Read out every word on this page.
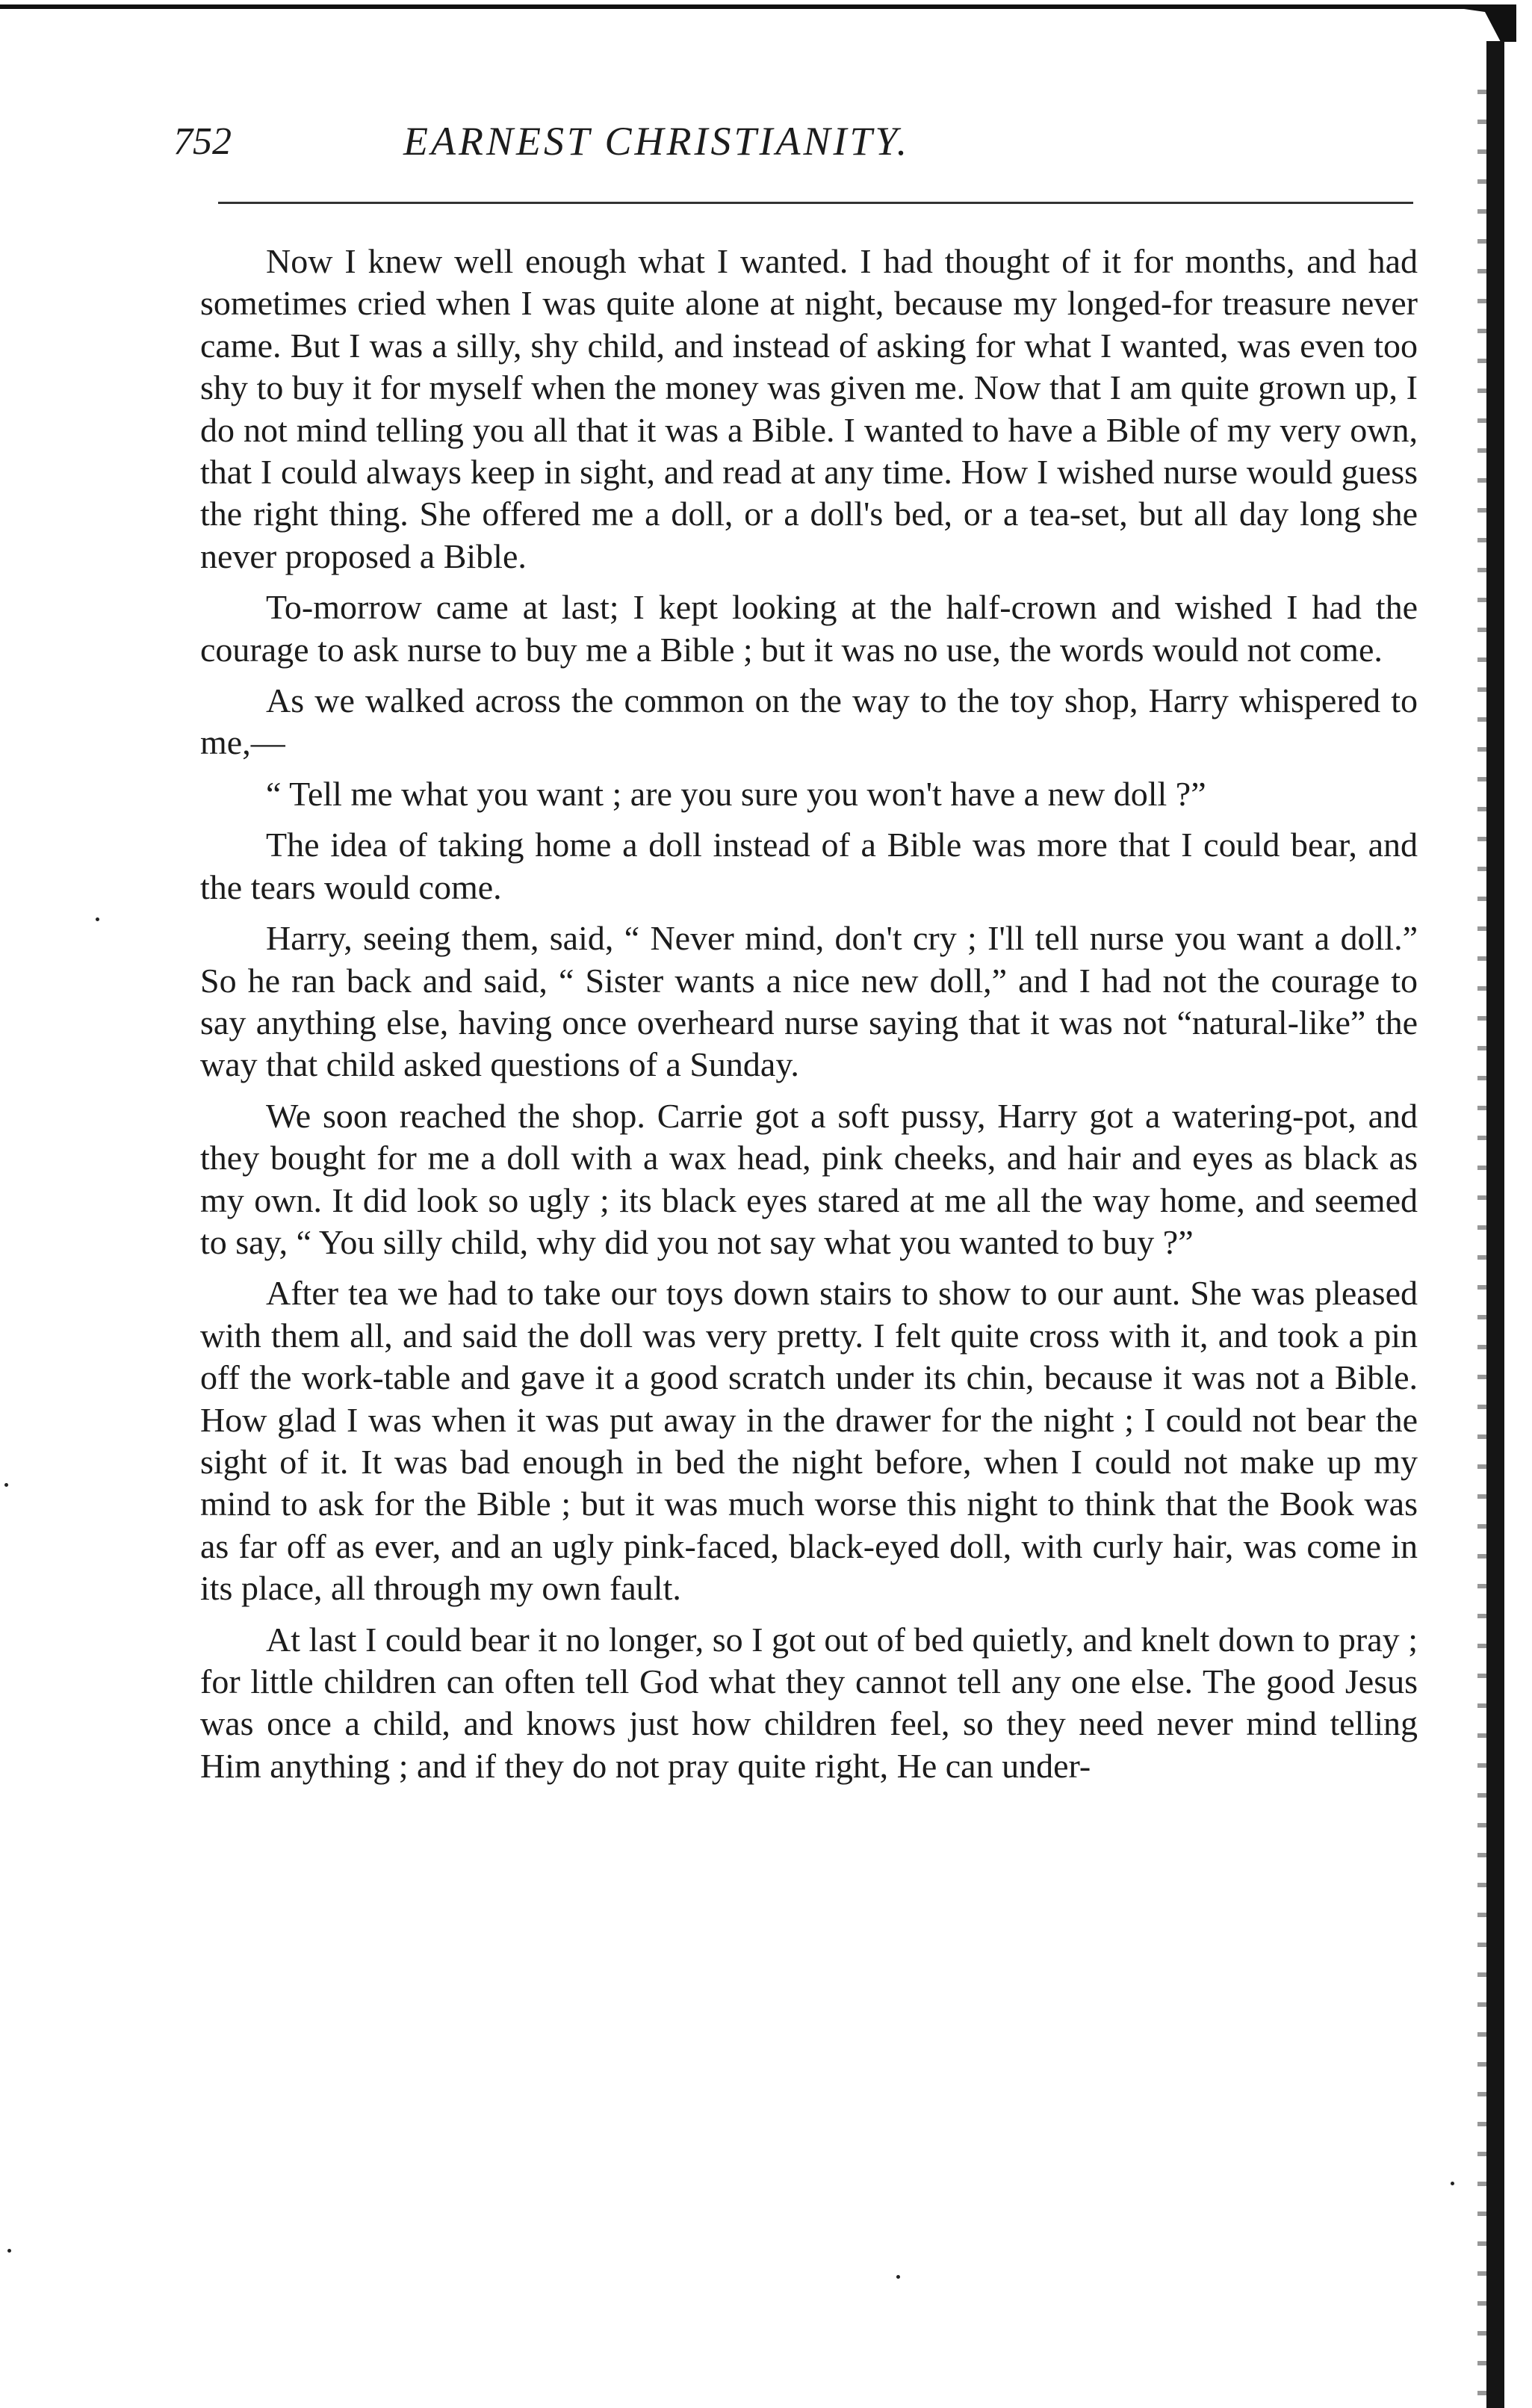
752	EARNEST CHRISTIANITY.

Now I knew well enough what I wanted. I had thought of it for months, and had sometimes cried when I was quite alone at night, because my longed-for treasure never came. But I was a silly, shy child, and instead of asking for what I wanted, was even too shy to buy it for myself when the money was given me. Now that I am quite grown up, I do not mind telling you all that it was a Bible. I wanted to have a Bible of my very own, that I could always keep in sight, and read at any time. How I wished nurse would guess the right thing. She offered me a doll, or a doll's bed, or a tea-set, but all day long she never proposed a Bible.

To-morrow came at last; I kept looking at the half-crown and wished I had the courage to ask nurse to buy me a Bible ; but it was no use, the words would not come.

As we walked across the common on the way to the toy shop, Harry whispered to me,—

“ Tell me what you want ; are you sure you won't have a new doll ?”

The idea of taking home a doll instead of a Bible was more that I could bear, and the tears would come.

Harry, seeing them, said, “ Never mind, don't cry ; I'll tell nurse you want a doll.” So he ran back and said, “ Sister wants a nice new doll,” and I had not the courage to say anything else, having once overheard nurse saying that it was not “natural-like” the way that child asked questions of a Sunday.

We soon reached the shop. Carrie got a soft pussy, Harry got a watering-pot, and they bought for me a doll with a wax head, pink cheeks, and hair and eyes as black as my own. It did look so ugly ; its black eyes stared at me all the way home, and seemed to say, “ You silly child, why did you not say what you wanted to buy ?”

After tea we had to take our toys down stairs to show to our aunt. She was pleased with them all, and said the doll was very pretty. I felt quite cross with it, and took a pin off the work-table and gave it a good scratch under its chin, because it was not a Bible. How glad I was when it was put away in the drawer for the night ; I could not bear the sight of it. It was bad enough in bed the night before, when I could not make up my mind to ask for the Bible ; but it was much worse this night to think that the Book was as far off as ever, and an ugly pink-faced, black-eyed doll, with curly hair, was come in its place, all through my own fault.

At last I could bear it no longer, so I got out of bed quietly, and knelt down to pray ; for little children can often tell God what they cannot tell any one else. The good Jesus was once a child, and knows just how children feel, so they need never mind telling Him anything ; and if they do not pray quite right, He can under-
